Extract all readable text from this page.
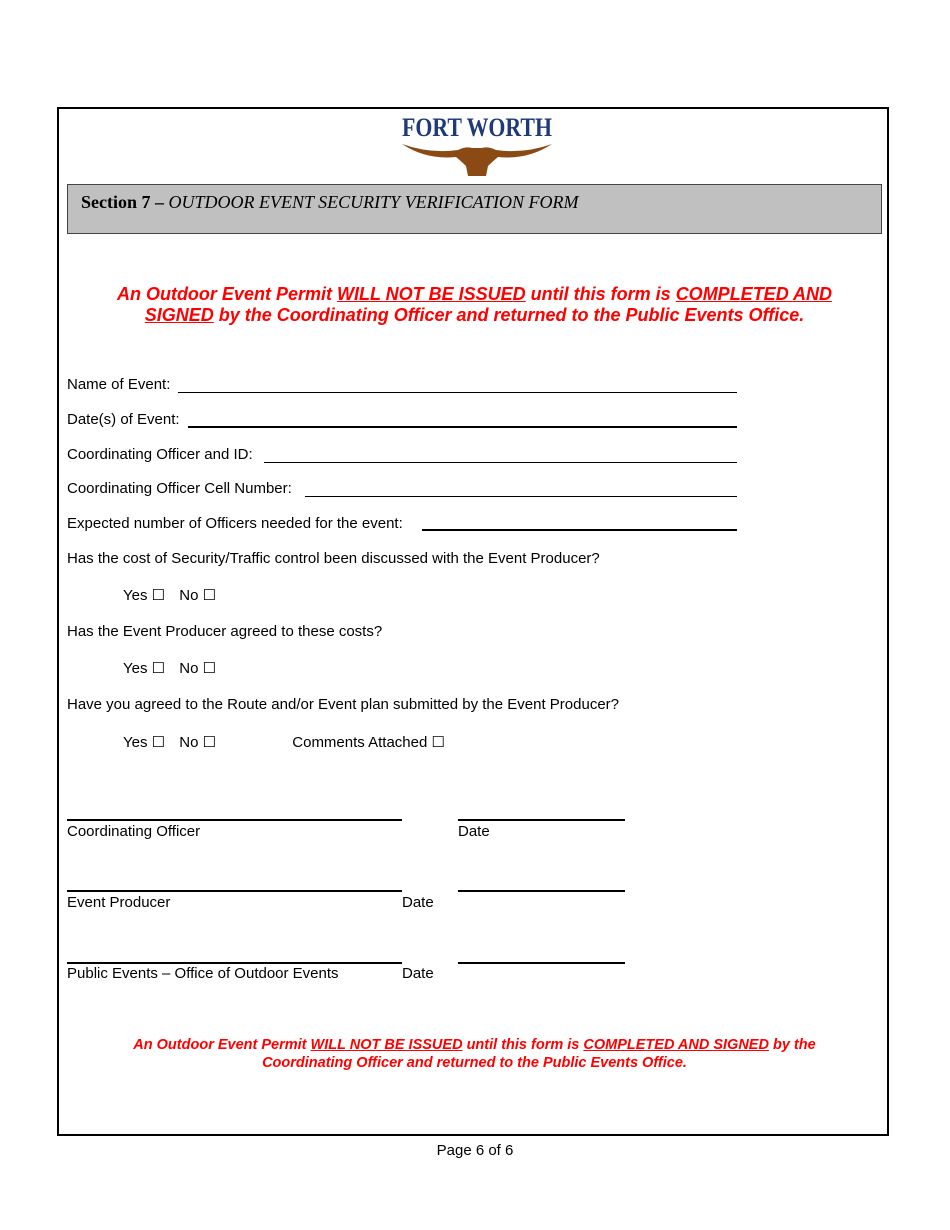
FORT WORTH
Section 7 – OUTDOOR EVENT SECURITY VERIFICATION FORM
An Outdoor Event Permit WILL NOT BE ISSUED until this form is COMPLETED AND
SIGNED by the Coordinating Officer and returned to the Public Events Office.
Name of Event:
Date(s) of Event:
Coordinating Officer and ID:
Coordinating Officer Cell Number:
Expected number of Officers needed for the event:
Has the cost of Security/Traffic control been discussed with the Event Producer?
Yes ☐ No ☐
Has the Event Producer agreed to these costs?
Yes ☐ No ☐
Have you agreed to the Route and/or Event plan submitted by the Event Producer?
Yes ☐ No ☐	Comments Attached ☐
Coordinating Officer	Date
Event Producer	Date
Public Events – Office of Outdoor Events	Date
An Outdoor Event Permit WILL NOT BE ISSUED until this form is COMPLETED AND SIGNED by the
Coordinating Officer and returned to the Public Events Office.
Page 6 of 6
